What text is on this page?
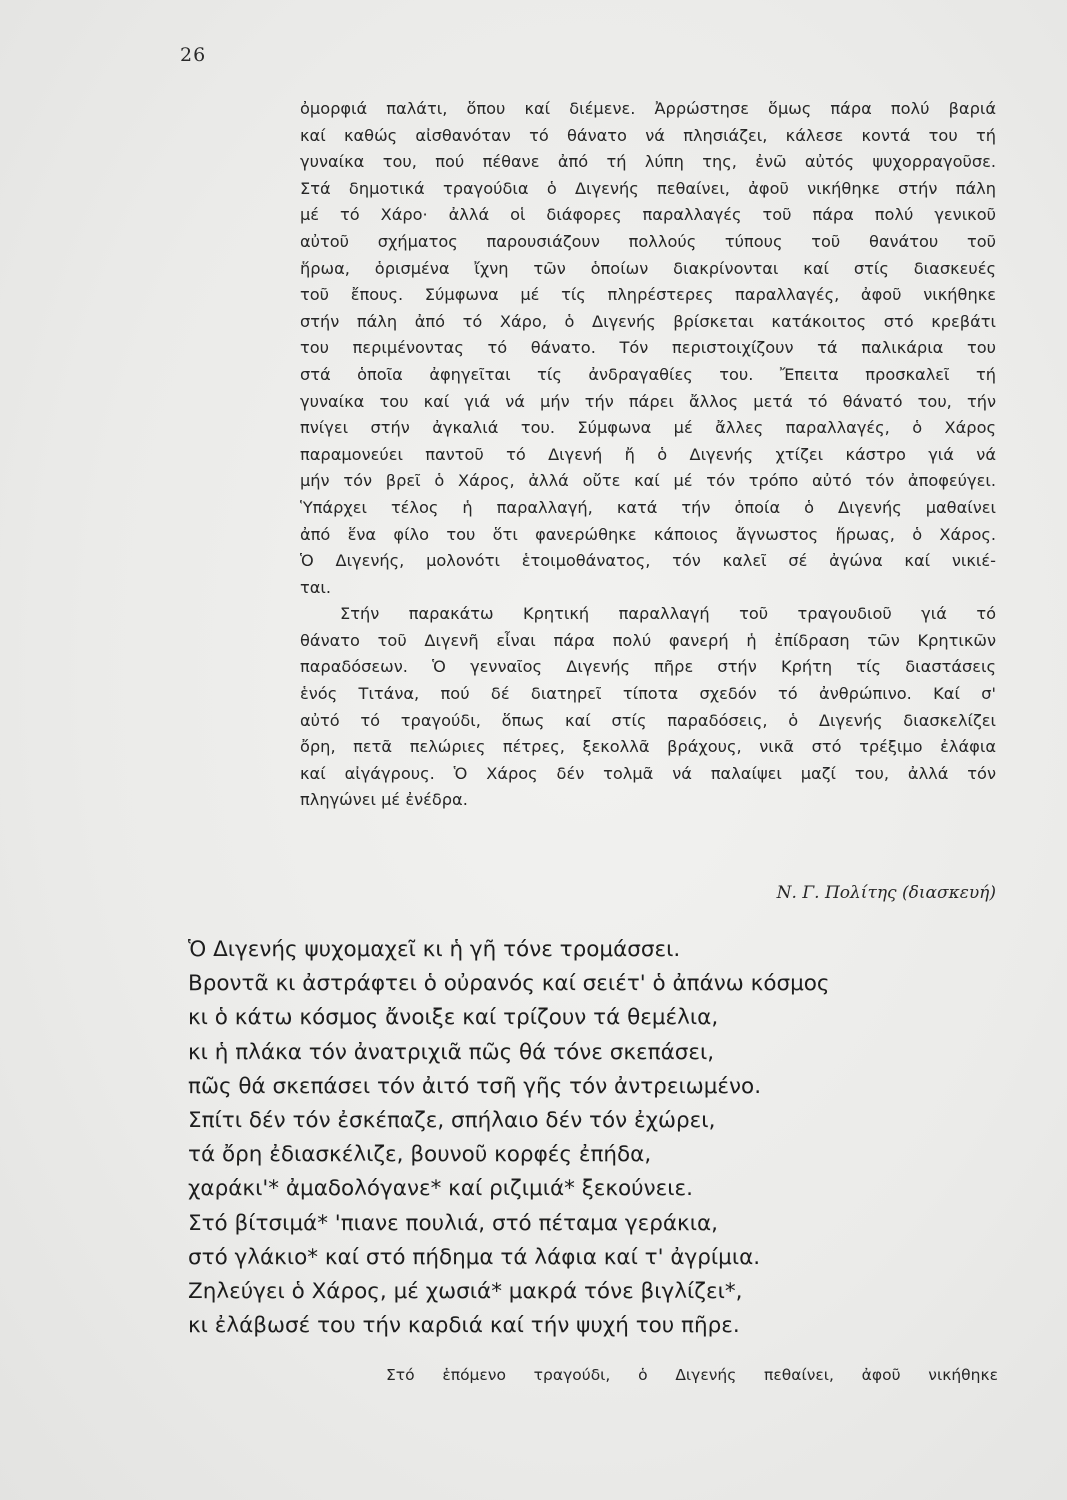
26
ὀμορφιά παλάτι, ὅπου καί διέμενε. Ἀρρώστησε ὅμως πάρα πολύ βαριά
καί καθώς αἰσθανόταν τό θάνατο νά πλησιάζει, κάλεσε κοντά του τή
γυναίκα του, πού πέθανε ἀπό τή λύπη της, ἐνῶ αὐτός ψυχορραγοῦσε.
Στά δημοτικά τραγούδια ὁ Διγενής πεθαίνει, ἀφοῦ νικήθηκε στήν πάλη
μέ τό Χάρο· ἀλλά οἱ διάφορες παραλλαγές τοῦ πάρα πολύ γενικοῦ
αὐτοῦ σχήματος παρουσιάζουν πολλούς τύπους τοῦ θανάτου τοῦ
ἥρωα, ὁρισμένα ἴχνη τῶν ὁποίων διακρίνονται καί στίς διασκευές
τοῦ ἔπους. Σύμφωνα μέ τίς πληρέστερες παραλλαγές, ἀφοῦ νικήθηκε
στήν πάλη ἀπό τό Χάρο, ὁ Διγενής βρίσκεται κατάκοιτος στό κρεβάτι
του περιμένοντας τό θάνατο. Τόν περιστοιχίζουν τά παλικάρια του
στά ὁποῖα ἀφηγεῖται τίς ἀνδραγαθίες του. Ἔπειτα προσκαλεῖ τή
γυναίκα του καί γιά νά μήν τήν πάρει ἄλλος μετά τό θάνατό του, τήν
πνίγει στήν ἀγκαλιά του. Σύμφωνα μέ ἄλλες παραλλαγές, ὁ Χάρος
παραμονεύει παντοῦ τό Διγενή ἤ ὁ Διγενής χτίζει κάστρο γιά νά
μήν τόν βρεῖ ὁ Χάρος, ἀλλά οὔτε καί μέ τόν τρόπο αὐτό τόν ἀποφεύγει.
Ὑπάρχει τέλος ἡ παραλλαγή, κατά τήν ὁποία ὁ Διγενής μαθαίνει
ἀπό ἕνα φίλο του ὅτι φανερώθηκε κάποιος ἄγνωστος ἥρωας, ὁ Χάρος.
Ὁ Διγενής, μολονότι ἑτοιμοθάνατος, τόν καλεῖ σέ ἀγώνα καί νικιέ-
ται.
Στήν παρακάτω Κρητική παραλλαγή τοῦ τραγουδιοῦ γιά τό
θάνατο τοῦ Διγενῆ εἶναι πάρα πολύ φανερή ἡ ἐπίδραση τῶν Κρητικῶν
παραδόσεων. Ὁ γενναῖος Διγενής πῆρε στήν Κρήτη τίς διαστάσεις
ἑνός Τιτάνα, πού δέ διατηρεῖ τίποτα σχεδόν τό ἀνθρώπινο. Καί σ'
αὐτό τό τραγούδι, ὅπως καί στίς παραδόσεις, ὁ Διγενής διασκελίζει
ὄρη, πετᾶ πελώριες πέτρες, ξεκολλᾶ βράχους, νικᾶ στό τρέξιμο ἐλάφια
καί αἰγάγρους. Ὁ Χάρος δέν τολμᾶ νά παλαίψει μαζί του, ἀλλά τόν
πληγώνει μέ ἐνέδρα.
Ν. Γ. Πολίτης (διασκευή)
Ὁ Διγενής ψυχομαχεῖ κι ἡ γῆ τόνε τρομάσσει.
Βροντᾶ κι ἀστράφτει ὁ οὐρανός καί σειέτ' ὁ ἀπάνω κόσμος
κι ὁ κάτω κόσμος ἄνοιξε καί τρίζουν τά θεμέλια,
κι ἡ πλάκα τόν ἀνατριχιᾶ πῶς θά τόνε σκεπάσει,
πῶς θά σκεπάσει τόν ἀιτό τσῆ γῆς τόν ἀντρειωμένο.
Σπίτι δέν τόν ἐσκέπαζε, σπήλαιο δέν τόν ἐχώρει,
τά ὄρη ἐδιασκέλιζε, βουνοῦ κορφές ἐπήδα,
χαράκι'* ἀμαδολόγανε* καί ριζιμιά* ξεκούνειε.
Στό βίτσιμά* 'πιανε πουλιά, στό πέταμα γεράκια,
στό γλάκιο* καί στό πήδημα τά λάφια καί τ' ἀγρίμια.
Ζηλεύγει ὁ Χάρος, μέ χωσιά* μακρά τόνε βιγλίζει*,
κι ἐλάβωσέ του τήν καρδιά καί τήν ψυχή του πῆρε.
Στό ἑπόμενο τραγούδι, ὁ Διγενής πεθαίνει, ἀφοῦ νικήθηκε
